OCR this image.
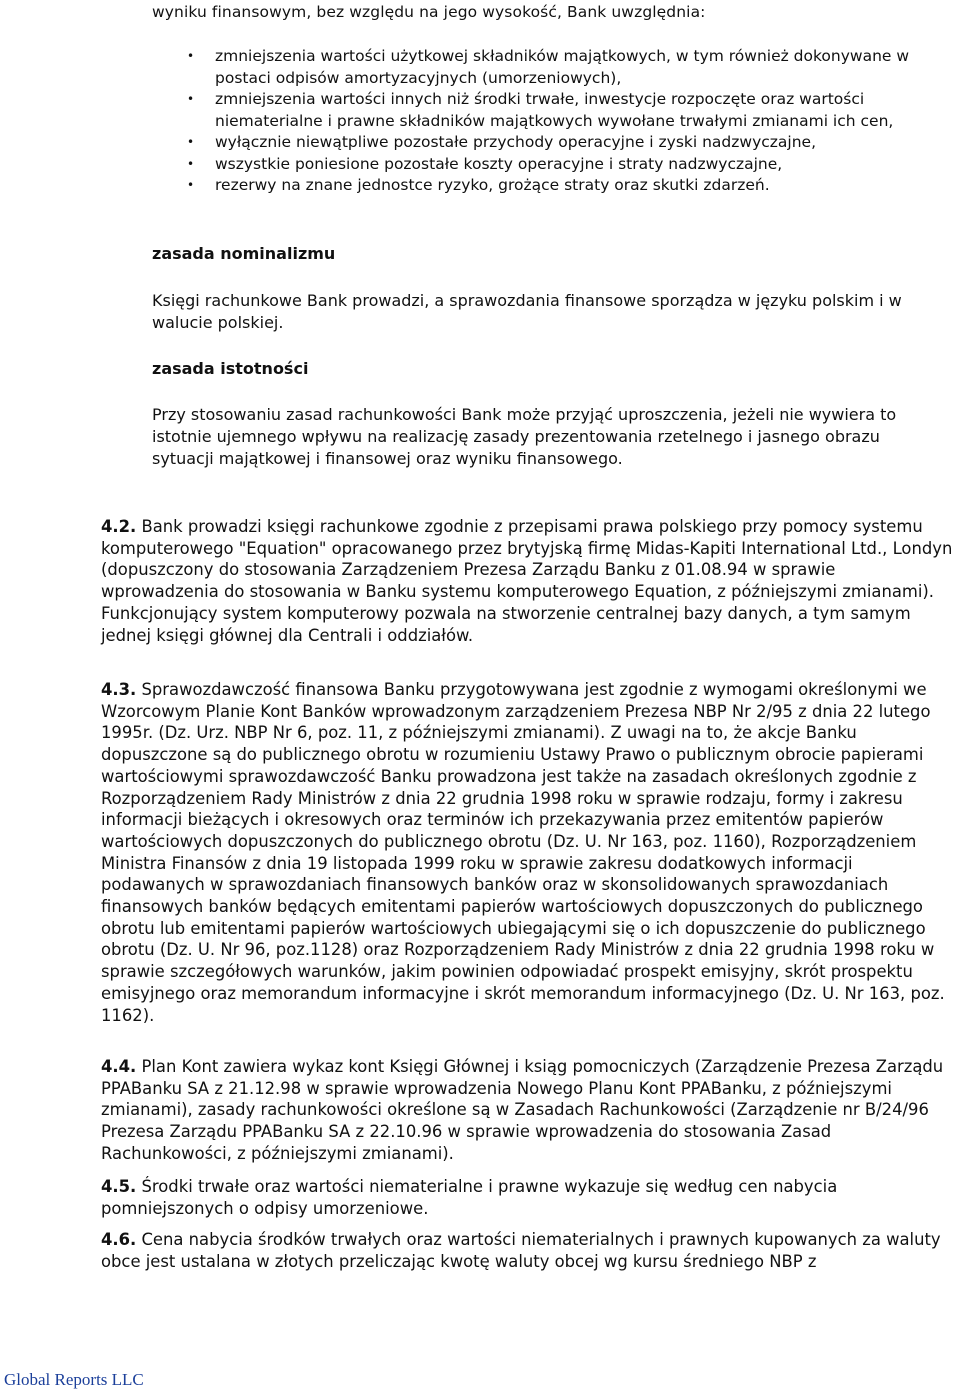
wyniku finansowym, bez względu na jego wysokość, Bank uwzględnia:

• zmniejszenia wartości użytkowej składników majątkowych, w tym również dokonywane w postaci odpisów amortyzacyjnych (umorzeniowych),
• zmniejszenia wartości innych niż środki trwałe, inwestycje rozpoczęte oraz wartości niematerialne i prawne składników majątkowych wywołane trwałymi zmianami ich cen,
• wyłącznie niewątpliwe pozostałe przychody operacyjne i zyski nadzwyczajne,
• wszystkie poniesione pozostałe koszty operacyjne i straty nadzwyczajne,
• rezerwy na znane jednostce ryzyko, grożące straty oraz skutki zdarzeń.
zasada nominalizmu

Księgi rachunkowe Bank prowadzi, a sprawozdania finansowe sporządza w języku polskim i w walucie polskiej.

zasada istotności

Przy stosowaniu zasad rachunkowości Bank może przyjąć uproszczenia, jeżeli nie wywiera to istotnie ujemnego wpływu na realizację zasady prezentowania rzetelnego i jasnego obrazu sytuacji majątkowej i finansowej oraz wyniku finansowego.

4.2. Bank prowadzi księgi rachunkowe zgodnie z przepisami prawa polskiego przy pomocy systemu komputerowego "Equation" opracowanego przez brytyjską firmę Midas-Kapiti International Ltd., Londyn (dopuszczony do stosowania Zarządzeniem Prezesa Zarządu Banku z 01.08.94 w sprawie wprowadzenia do stosowania w Banku systemu komputerowego Equation, z późniejszymi zmianami). Funkcjonujący system komputerowy pozwala na stworzenie centralnej bazy danych, a tym samym jednej księgi głównej dla Centrali i oddziałów.

4.3. Sprawozdawczość finansowa Banku przygotowywana jest zgodnie z wymogami określonymi we Wzorcowym Planie Kont Banków wprowadzonym zarządzeniem Prezesa NBP Nr 2/95 z dnia 22 lutego 1995r. (Dz. Urz. NBP Nr 6, poz. 11, z późniejszymi zmianami). Z uwagi na to, że akcje Banku dopuszczone są do publicznego obrotu w rozumieniu Ustawy Prawo o publicznym obrocie papierami wartościowymi sprawozdawczość Banku prowadzona jest także na zasadach określonych zgodnie z Rozporządzeniem Rady Ministrów z dnia 22 grudnia 1998 roku w sprawie rodzaju, formy i zakresu informacji bieżących i okresowych oraz terminów ich przekazywania przez emitentów papierów wartościowych dopuszczonych do publicznego obrotu (Dz. U. Nr 163, poz. 1160), Rozporządzeniem Ministra Finansów z dnia 19 listopada 1999 roku w sprawie zakresu dodatkowych informacji podawanych w sprawozdaniach finansowych banków oraz w skonsolidowanych sprawozdaniach finansowych banków będących emitentami papierów wartościowych dopuszczonych do publicznego obrotu lub emitentami papierów wartościowych ubiegającymi się o ich dopuszczenie do publicznego obrotu (Dz. U. Nr 96, poz.1128) oraz Rozporządzeniem Rady Ministrów z dnia 22 grudnia 1998 roku w sprawie szczegółowych warunków, jakim powinien odpowiadać prospekt emisyjny, skrót prospektu emisyjnego oraz memorandum informacyjne i skrót memorandum informacyjnego (Dz. U. Nr 163, poz. 1162).

4.4. Plan Kont zawiera wykaz kont Księgi Głównej i ksiąg pomocniczych (Zarządzenie Prezesa Zarządu PPABanku SA z 21.12.98 w sprawie wprowadzenia Nowego Planu Kont PPABanku, z późniejszymi zmianami), zasady rachunkowości określone są w Zasadach Rachunkowości (Zarządzenie nr B/24/96 Prezesa Zarządu PPABanku SA z 22.10.96 w sprawie wprowadzenia do stosowania Zasad Rachunkowości, z późniejszymi zmianami).

4.5. Środki trwałe oraz wartości niematerialne i prawne wykazuje się według cen nabycia pomniejszonych o odpisy umorzeniowe.

4.6. Cena nabycia środków trwałych oraz wartości niematerialnych i prawnych kupowanych za waluty obce jest ustalana w złotych przeliczając kwotę waluty obcej wg kursu średniego NBP z

Global Reports LLC
